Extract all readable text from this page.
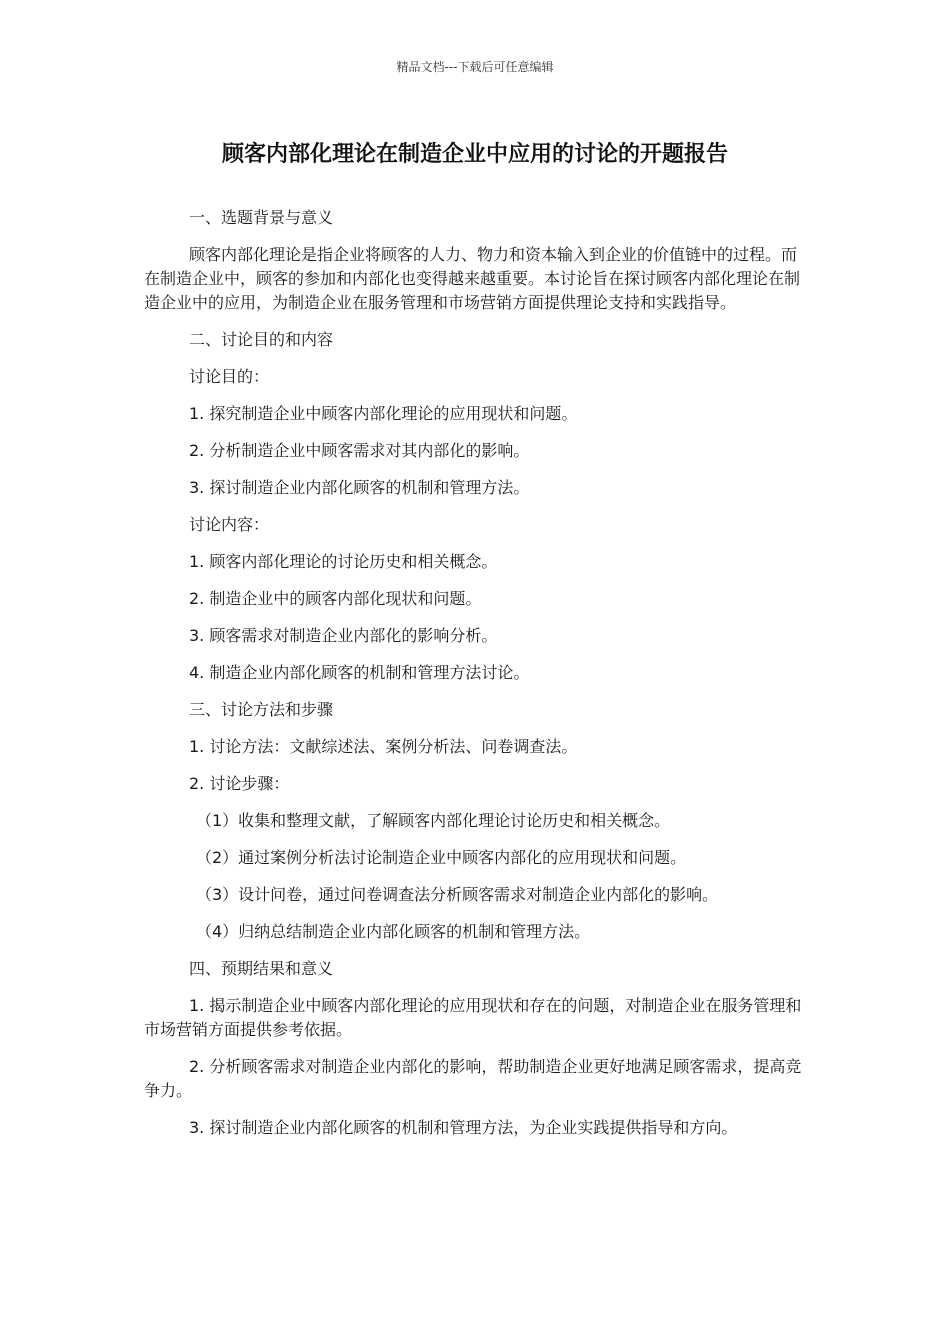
精品文档---下载后可任意编辑
顾客内部化理论在制造企业中应用的讨论的开题报告

一、选题背景与意义

顾客内部化理论是指企业将顾客的人力、物力和资本输入到企业的价值链中的过程。而在制造企业中，顾客的参加和内部化也变得越来越重要。本讨论旨在探讨顾客内部化理论在制造企业中的应用，为制造企业在服务管理和市场营销方面提供理论支持和实践指导。

二、讨论目的和内容

讨论目的：

1. 探究制造企业中顾客内部化理论的应用现状和问题。

2. 分析制造企业中顾客需求对其内部化的影响。

3. 探讨制造企业内部化顾客的机制和管理方法。

讨论内容：

1. 顾客内部化理论的讨论历史和相关概念。

2. 制造企业中的顾客内部化现状和问题。

3. 顾客需求对制造企业内部化的影响分析。

4. 制造企业内部化顾客的机制和管理方法讨论。

三、讨论方法和步骤

1. 讨论方法：文献综述法、案例分析法、问卷调查法。

2. 讨论步骤：

（1）收集和整理文献，了解顾客内部化理论讨论历史和相关概念。

（2）通过案例分析法讨论制造企业中顾客内部化的应用现状和问题。

（3）设计问卷，通过问卷调查法分析顾客需求对制造企业内部化的影响。

（4）归纳总结制造企业内部化顾客的机制和管理方法。

四、预期结果和意义

1. 揭示制造企业中顾客内部化理论的应用现状和存在的问题，对制造企业在服务管理和市场营销方面提供参考依据。

2. 分析顾客需求对制造企业内部化的影响，帮助制造企业更好地满足顾客需求，提高竞争力。

3. 探讨制造企业内部化顾客的机制和管理方法，为企业实践提供指导和方向。
